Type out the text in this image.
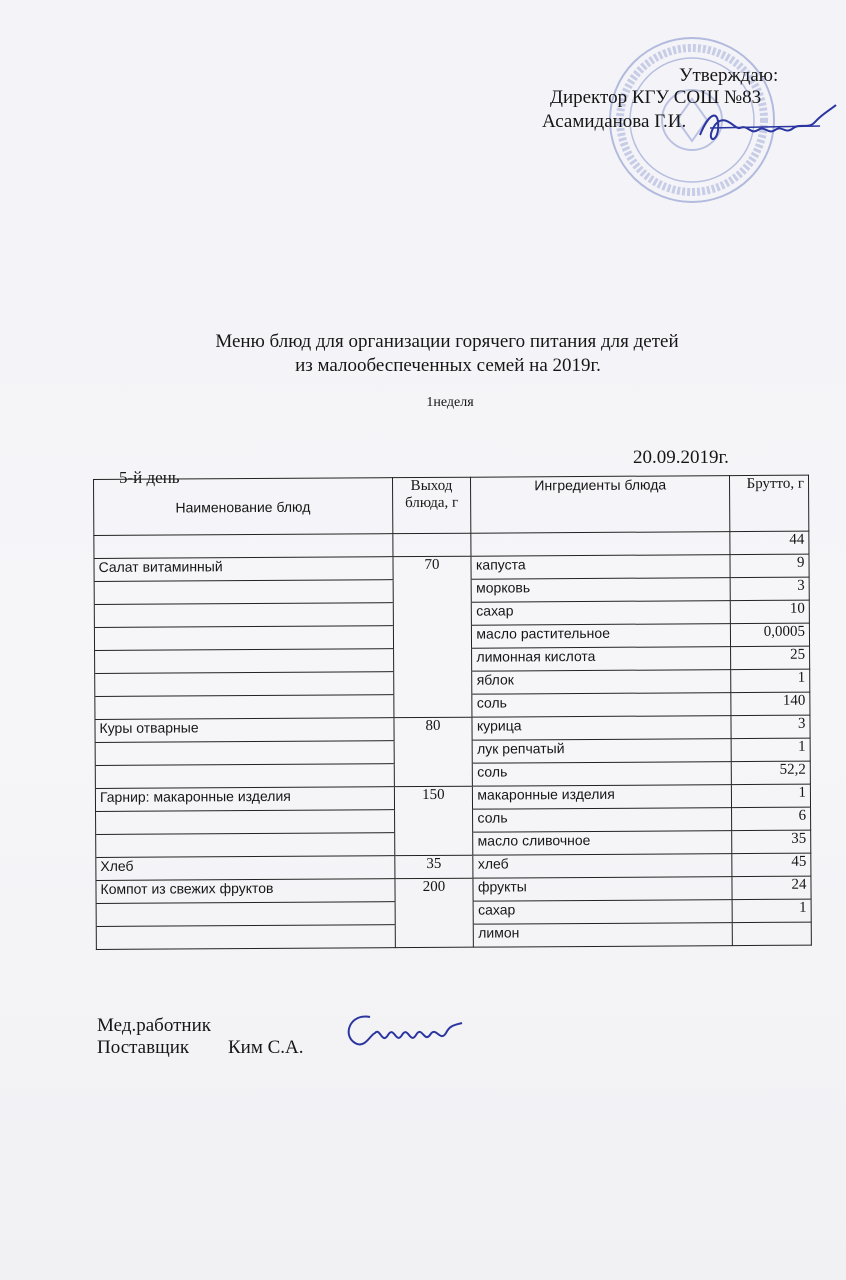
Утверждаю:
Директор КГУ СОШ №83
Асамиданова Г.И.
Меню блюд для организации горячего питания для детей
из малообеспеченных семей на 2019г.
1неделя
20.09.2019г.
5-й день
Наименование блюд	Выход блюда, г	Ингредиенты блюда	Брутто, г
			44
Салат витаминный	70	капуста	9
		морковь	3
		сахар	10
		масло растительное	0,0005
		лимонная кислота	25
		яблок	1
		соль	140
Куры отварные	80	курица	3
		лук репчатый	1
		соль	52,2
Гарнир: макаронные изделия	150	макаронные изделия	1
		соль	6
		масло сливочное	35
Хлеб	35	хлеб	45
Компот из свежих фруктов	200	фрукты	24
		сахар	1
		лимон	
Мед.работник
Поставщик Ким С.А.
